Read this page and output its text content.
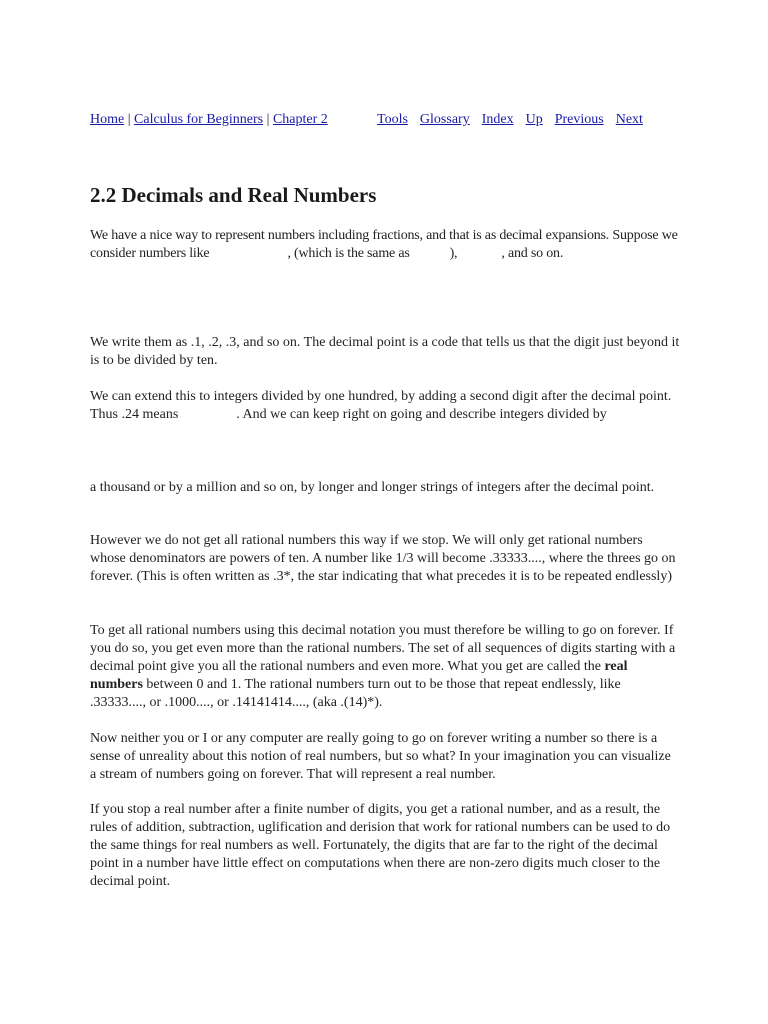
Home | Calculus for Beginners | Chapter 2	Tools Glossary Index Up Previous Next
2.2 Decimals and Real Numbers

We have a nice way to represent numbers including fractions, and that is as decimal expansions. Suppose we consider numbers like	, (which is the same as	),	, and so on.

We write them as .1, .2, .3, and so on. The decimal point is a code that tells us that the digit just beyond it is to be divided by ten.

We can extend this to integers divided by one hundred, by adding a second digit after the decimal point. Thus .24 means	. And we can keep right on going and describe integers divided by

a thousand or by a million and so on, by longer and longer strings of integers after the decimal point.

However we do not get all rational numbers this way if we stop. We will only get rational numbers whose denominators are powers of ten. A number like 1/3 will become .33333...., where the threes go on forever. (This is often written as .3*, the star indicating that what precedes it is to be repeated endlessly)

To get all rational numbers using this decimal notation you must therefore be willing to go on forever. If you do so, you get even more than the rational numbers. The set of all sequences of digits starting with a decimal point give you all the rational numbers and even more. What you get are called the real numbers between 0 and 1. The rational numbers turn out to be those that repeat endlessly, like .33333...., or .1000...., or .14141414...., (aka .(14)*).

Now neither you or I or any computer are really going to go on forever writing a number so there is a sense of unreality about this notion of real numbers, but so what? In your imagination you can visualize a stream of numbers going on forever. That will represent a real number.

If you stop a real number after a finite number of digits, you get a rational number, and as a result, the rules of addition, subtraction, uglification and derision that work for rational numbers can be used to do the same things for real numbers as well. Fortunately, the digits that are far to the right of the decimal point in a number have little effect on computations when there are non-zero digits much closer to the decimal point.
